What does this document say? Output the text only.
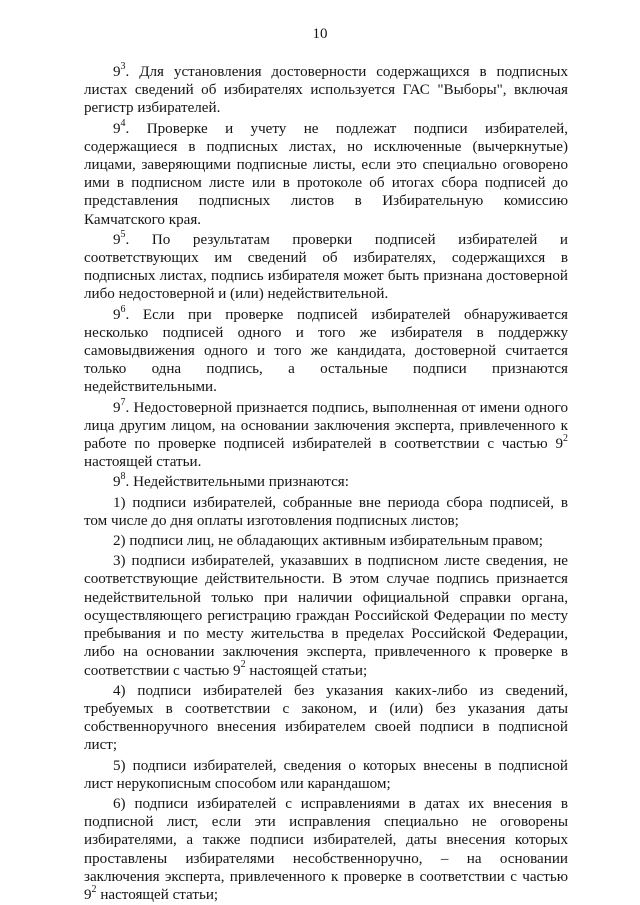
10

$9^3$. Для установления достоверности содержащихся в подписных листах сведений об избирателях используется ГАС "Выборы", включая регистр избирателей.

$9^4$. Проверке и учету не подлежат подписи избирателей, содержащиеся в подписных листах, но исключенные (вычеркнутые) лицами, заверяющими подписные листы, если это специально оговорено ими в подписном листе или в протоколе об итогах сбора подписей до представления подписных листов в Избирательную комиссию Камчатского края.

$9^5$. По результатам проверки подписей избирателей и соответствующих им сведений об избирателях, содержащихся в подписных листах, подпись избирателя может быть признана достоверной либо недостоверной и (или) недействительной.

$9^6$. Если при проверке подписей избирателей обнаруживается несколько подписей одного и того же избирателя в поддержку самовыдвижения одного и того же кандидата, достоверной считается только одна подпись, а остальные подписи признаются недействительными.

$9^7$. Недостоверной признается подпись, выполненная от имени одного лица другим лицом, на основании заключения эксперта, привлеченного к работе по проверке подписей избирателей в соответствии с частью $9^2$ настоящей статьи.

$9^8$. Недействительными признаются:

1) подписи избирателей, собранные вне периода сбора подписей, в том числе до дня оплаты изготовления подписных листов;

2) подписи лиц, не обладающих активным избирательным правом;

3) подписи избирателей, указавших в подписном листе сведения, не соответствующие действительности. В этом случае подпись признается недействительной только при наличии официальной справки органа, осуществляющего регистрацию граждан Российской Федерации по месту пребывания и по месту жительства в пределах Российской Федерации, либо на основании заключения эксперта, привлеченного к проверке в соответствии с частью $9^2$ настоящей статьи;

4) подписи избирателей без указания каких-либо из сведений, требуемых в соответствии с законом, и (или) без указания даты собственноручного внесения избирателем своей подписи в подписной лист;

5) подписи избирателей, сведения о которых внесены в подписной лист нерукописным способом или карандашом;

6) подписи избирателей с исправлениями в датах их внесения в подписной лист, если эти исправления специально не оговорены избирателями, а также подписи избирателей, даты внесения которых проставлены избирателями несобственноручно, – на основании заключения эксперта, привлеченного к проверке в соответствии с частью $9^2$ настоящей статьи;
